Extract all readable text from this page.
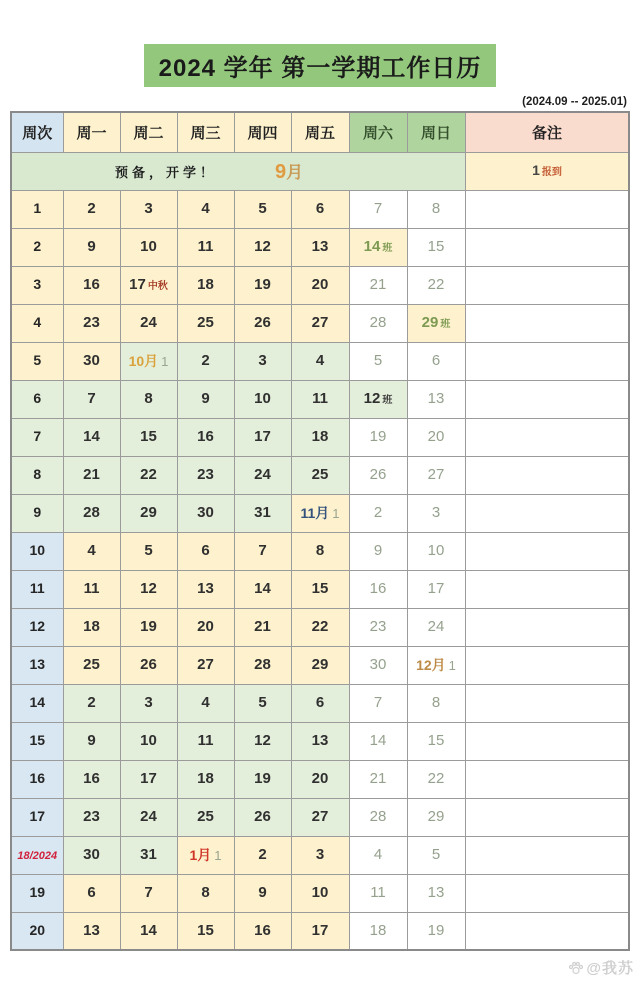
2024 学年 第一学期工作日历
(2024.09 -- 2025.01)
周次	周一	周二	周三	周四	周五	周六	周日	备注	

预备，开学！ 9月								1 报到	
1	2	3	4	5	6	7	8		
2	9	10	11	12	13	14 班	15		
3	16	17 中秋	18	19	20	21	22		
4	23	24	25	26	27	28	29 班		
5	30	10月 1	2	3	4	5	6		
6	7	8	9	10	11	12 班	13		
7	14	15	16	17	18	19	20		
8	21	22	23	24	25	26	27		
9	28	29	30	31	11月 1	2	3		
10	4	5	6	7	8	9	10		
11	11	12	13	14	15	16	17		
12	18	19	20	21	22	23	24		
13	25	26	27	28	29	30	12月 1		
14	2	3	4	5	6	7	8		
15	9	10	11	12	13	14	15		
16	16	17	18	19	20	21	22		
17	23	24	25	26	27	28	29		
18/2024	30	31	1月 1	2	3	4	5		
19	6	7	8	9	10	11	13		
20	13	14	15	16	17	18	19		
@我苏
